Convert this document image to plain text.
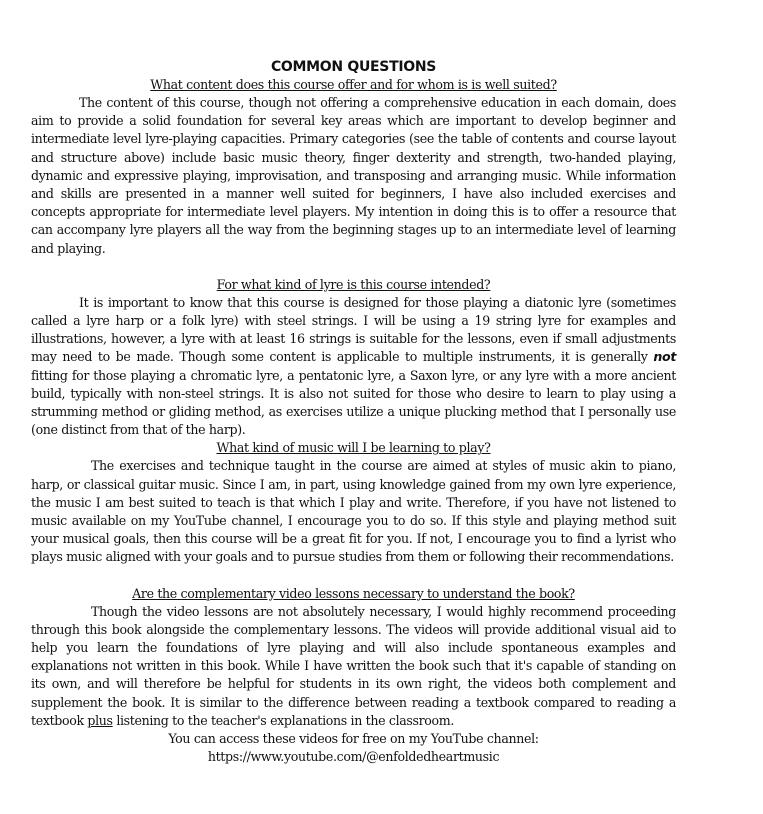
COMMON QUESTIONS

What content does this course offer and for whom is is well suited?

The content of this course, though not offering a comprehensive education in each domain, does aim to provide a solid foundation for several key areas which are important to develop beginner and intermediate level lyre-playing capacities. Primary categories (see the table of contents and course layout and structure above) include basic music theory, finger dexterity and strength, two-handed playing, dynamic and expressive playing, improvisation, and transposing and arranging music. While information and skills are presented in a manner well suited for beginners, I have also included exercises and concepts appropriate for intermediate level players. My intention in doing this is to offer a resource that can accompany lyre players all the way from the beginning stages up to an intermediate level of learning and playing.

For what kind of lyre is this course intended?

It is important to know that this course is designed for those playing a diatonic lyre (sometimes called a lyre harp or a folk lyre) with steel strings. I will be using a 19 string lyre for examples and illustrations, however, a lyre with at least 16 strings is suitable for the lessons, even if small adjustments may need to be made. Though some content is applicable to multiple instruments, it is generally not fitting for those playing a chromatic lyre, a pentatonic lyre, a Saxon lyre, or any lyre with a more ancient build, typically with non-steel strings. It is also not suited for those who desire to learn to play using a strumming method or gliding method, as exercises utilize a unique plucking method that I personally use (one distinct from that of the harp).

What kind of music will I be learning to play?

The exercises and technique taught in the course are aimed at styles of music akin to piano, harp, or classical guitar music. Since I am, in part, using knowledge gained from my own lyre experience, the music I am best suited to teach is that which I play and write. Therefore, if you have not listened to music available on my YouTube channel, I encourage you to do so. If this style and playing method suit your musical goals, then this course will be a great fit for you. If not, I encourage you to find a lyrist who plays music aligned with your goals and to pursue studies from them or following their recommendations.

Are the complementary video lessons necessary to understand the book?

Though the video lessons are not absolutely necessary, I would highly recommend proceeding through this book alongside the complementary lessons. The videos will provide additional visual aid to help you learn the foundations of lyre playing and will also include spontaneous examples and explanations not written in this book. While I have written the book such that it's capable of standing on its own, and will therefore be helpful for students in its own right, the videos both complement and supplement the book. It is similar to the difference between reading a textbook compared to reading a textbook plus listening to the teacher's explanations in the classroom.

You can access these videos for free on my YouTube channel:

https://www.youtube.com/@enfoldedheartmusic
